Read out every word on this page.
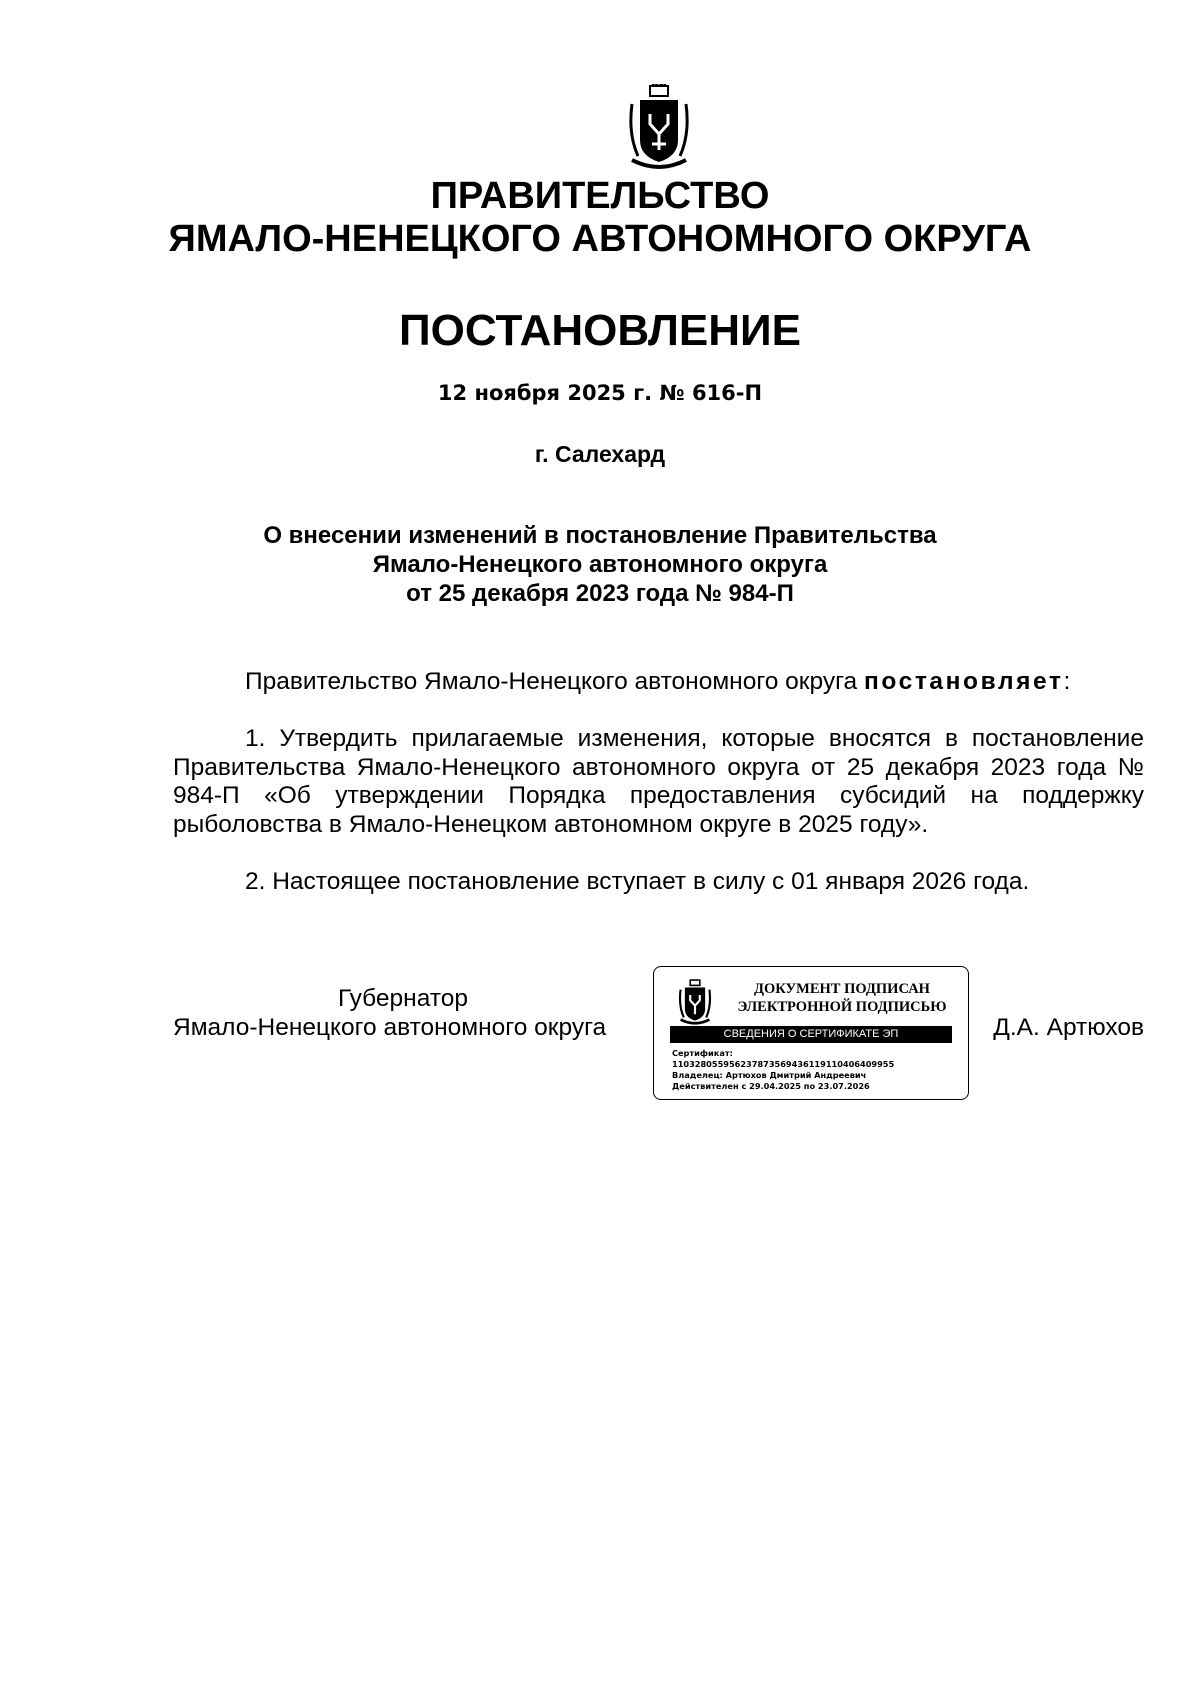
ПРАВИТЕЛЬСТВО
ЯМАЛО-НЕНЕЦКОГО АВТОНОМНОГО ОКРУГА
ПОСТАНОВЛЕНИЕ
12 ноября 2025 г. № 616-П
г. Салехард
О внесении изменений в постановление Правительства
Ямало-Ненецкого автономного округа
от 25 декабря 2023 года № 984-П
Правительство Ямало-Ненецкого автономного округа постановляет:
1. Утвердить прилагаемые изменения, которые вносятся в постановление Правительства Ямало-Ненецкого автономного округа от 25 декабря 2023 года № 984-П «Об утверждении Порядка предоставления субсидий на поддержку рыболовства в Ямало-Ненецком автономном округе в 2025 году».
2. Настоящее постановление вступает в силу с 01 января 2026 года.
Губернатор
Ямало-Ненецкого автономного округа	Д.А. Артюхов
ДОКУМЕНТ ПОДПИСАН
ЭЛЕКТРОННОЙ ПОДПИСЬЮ
СВЕДЕНИЯ О СЕРТИФИКАТЕ ЭП
Сертификат:
11032805595623787356943611911040640995​5
Владелец: Артюхов Дмитрий Андреевич
Действителен с 29.04.2025 по 23.07.2026
